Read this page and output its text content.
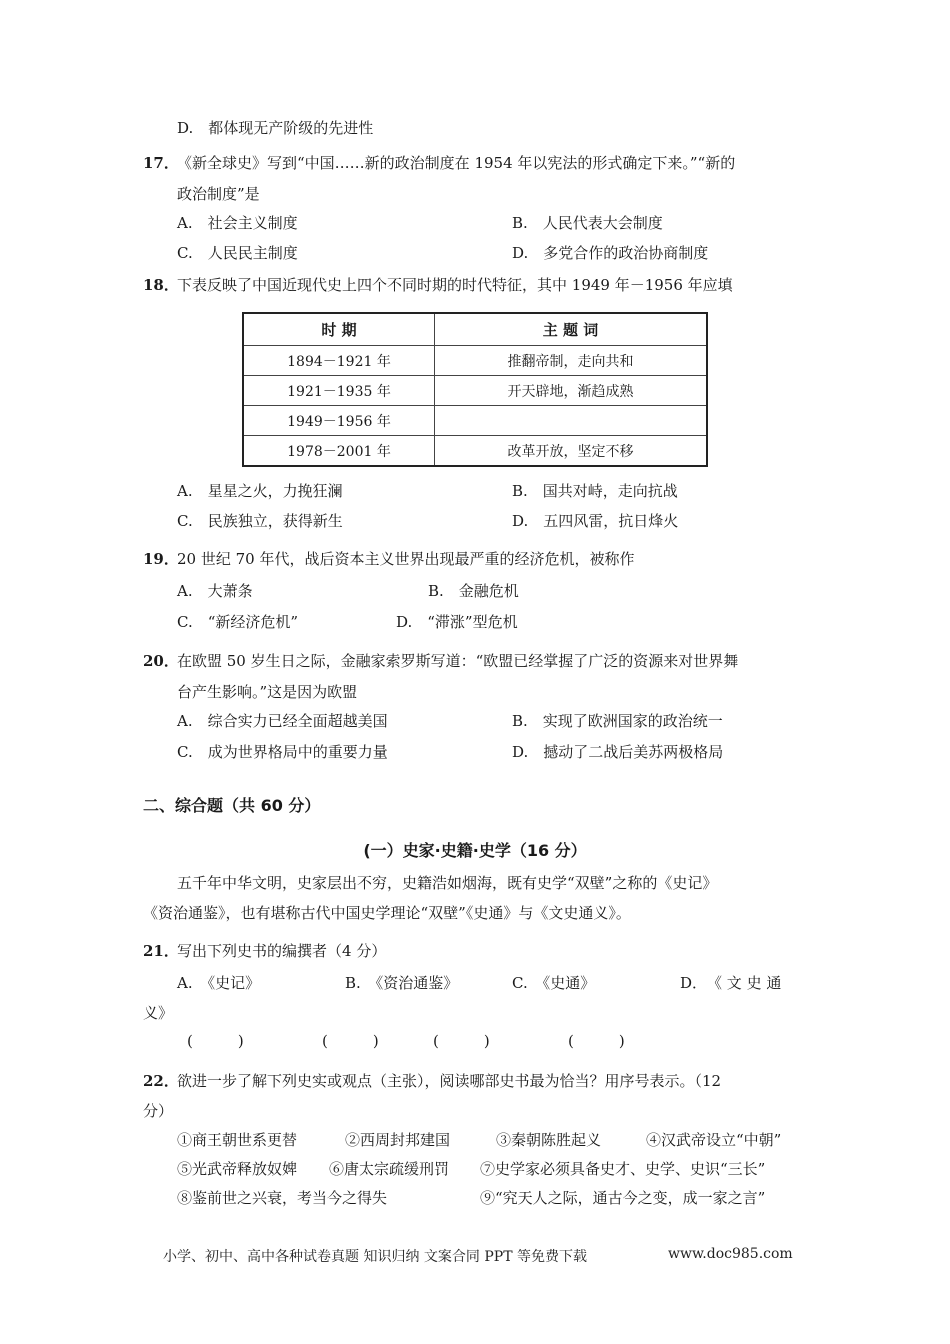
D.　都体现无产阶级的先进性
17．
《新全球史》写到“中国……新的政治制度在 1954 年以宪法的形式确定下来。”“新的
政治制度”是
A.　社会主义制度	B.　人民代表大会制度
C.　人民民主制度	D.　多党合作的政治协商制度
18．
下表反映了中国近现代史上四个不同时期的时代特征，其中 1949 年－1956 年应填
时 期	主 题 词
1894－1921 年	推翻帝制，走向共和
1921－1935 年	开天辟地，渐趋成熟
1949－1956 年	
1978－2001 年	改革开放，坚定不移
A.　星星之火，力挽狂澜	B.　国共对峙，走向抗战
C.　民族独立，获得新生	D.　五四风雷，抗日烽火
19．
20 世纪 70 年代，战后资本主义世界出现最严重的经济危机，被称作
A.　大萧条	B.　金融危机
C.　“新经济危机”	D.　“滞涨”型危机
20．
在欧盟 50 岁生日之际，金融家索罗斯写道：“欧盟已经掌握了广泛的资源来对世界舞
台产生影响。”这是因为欧盟
A.　综合实力已经全面超越美国	B.　实现了欧洲国家的政治统一
C.　成为世界格局中的重要力量	D.　撼动了二战后美苏两极格局
二、综合题（共 60 分）
(一）史家·史籍·史学（16 分）
五千年中华文明，史家层出不穷，史籍浩如烟海，既有史学“双壁”之称的《史记》
《资治通鉴》，也有堪称古代中国史学理论“双壁”《史通》与《文史通义》。
21．
写出下列史书的编撰者（4 分）
A.　《史记》	B.　《资治通鉴》	C.　《史通》	D．　《 文 史 通
义》
(　　　)	(　　　)	(　　　)	(　　　)
22．
欲进一步了解下列史实或观点（主张），阅读哪部史书最为恰当？用序号表示。（12
分）
①商王朝世系更替	②西周封邦建国	③秦朝陈胜起义	④汉武帝设立“中朝”
⑤光武帝释放奴婢 ⑥唐太宗疏缓刑罚 ⑦史学家必须具备史才、史学、史识“三长”
⑧鉴前世之兴衰，考当今之得失	⑨“究天人之际，通古今之变，成一家之言”
小学、初中、高中各种试卷真题 知识归纳 文案合同 PPT 等免费下载	www.doc985.com
